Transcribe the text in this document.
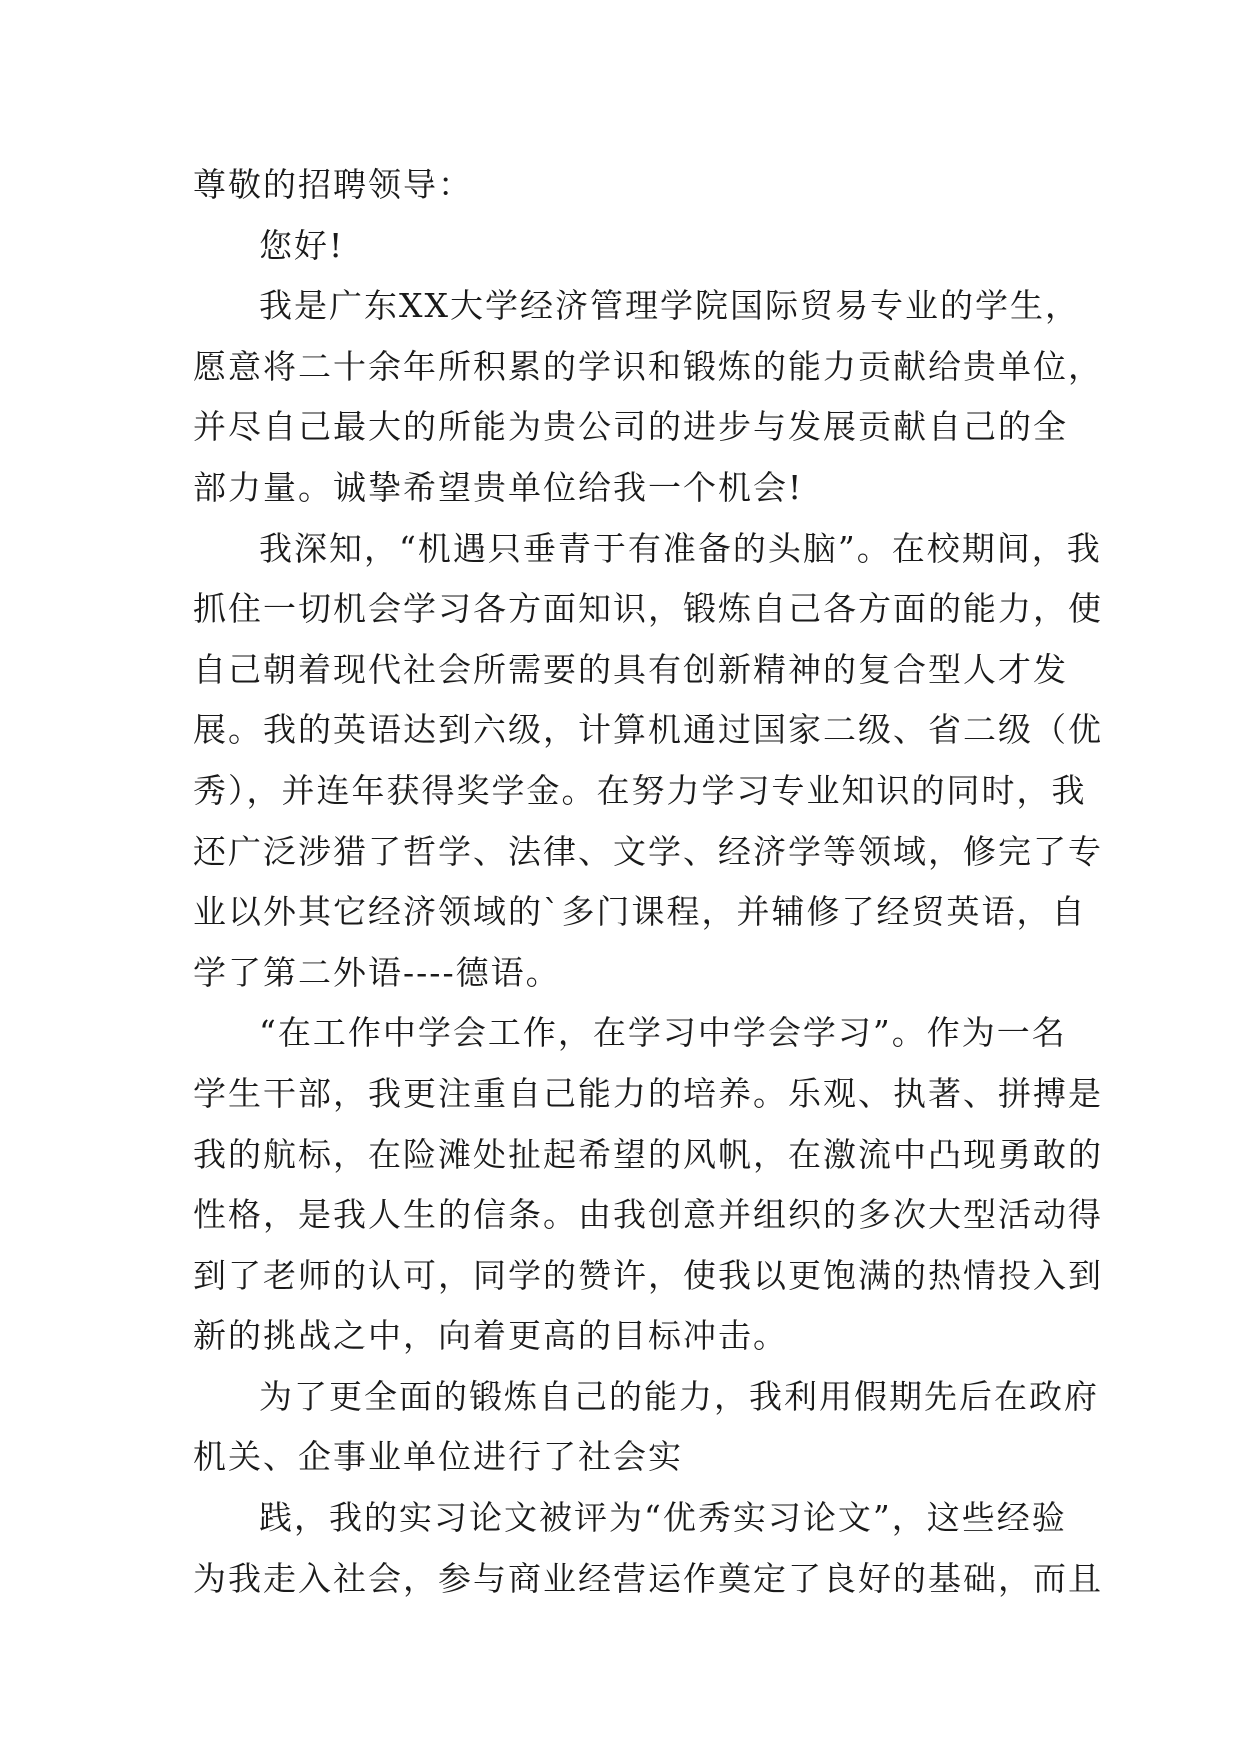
尊敬的招聘领导：
您好!
我是广东XX大学经济管理学院国际贸易专业的学生，
愿意将二十余年所积累的学识和锻炼的能力贡献给贵单位，
并尽自己最大的所能为贵公司的进步与发展贡献自己的全
部力量。诚挚希望贵单位给我一个机会!
我深知，“机遇只垂青于有准备的头脑”。在校期间，我
抓住一切机会学习各方面知识，锻炼自己各方面的能力，使
自己朝着现代社会所需要的具有创新精神的复合型人才发
展。我的英语达到六级，计算机通过国家二级、省二级（优
秀），并连年获得奖学金。在努力学习专业知识的同时，我
还广泛涉猎了哲学、法律、文学、经济学等领域，修完了专
业以外其它经济领域的`多门课程，并辅修了经贸英语，自
学了第二外语----德语。
“在工作中学会工作，在学习中学会学习”。作为一名
学生干部，我更注重自己能力的培养。乐观、执著、拼搏是
我的航标，在险滩处扯起希望的风帆，在激流中凸现勇敢的
性格，是我人生的信条。由我创意并组织的多次大型活动得
到了老师的认可，同学的赞许，使我以更饱满的热情投入到
新的挑战之中，向着更高的目标冲击。
为了更全面的锻炼自己的能力，我利用假期先后在政府
机关、企事业单位进行了社会实
践，我的实习论文被评为“优秀实习论文”，这些经验
为我走入社会，参与商业经营运作奠定了良好的基础，而且
